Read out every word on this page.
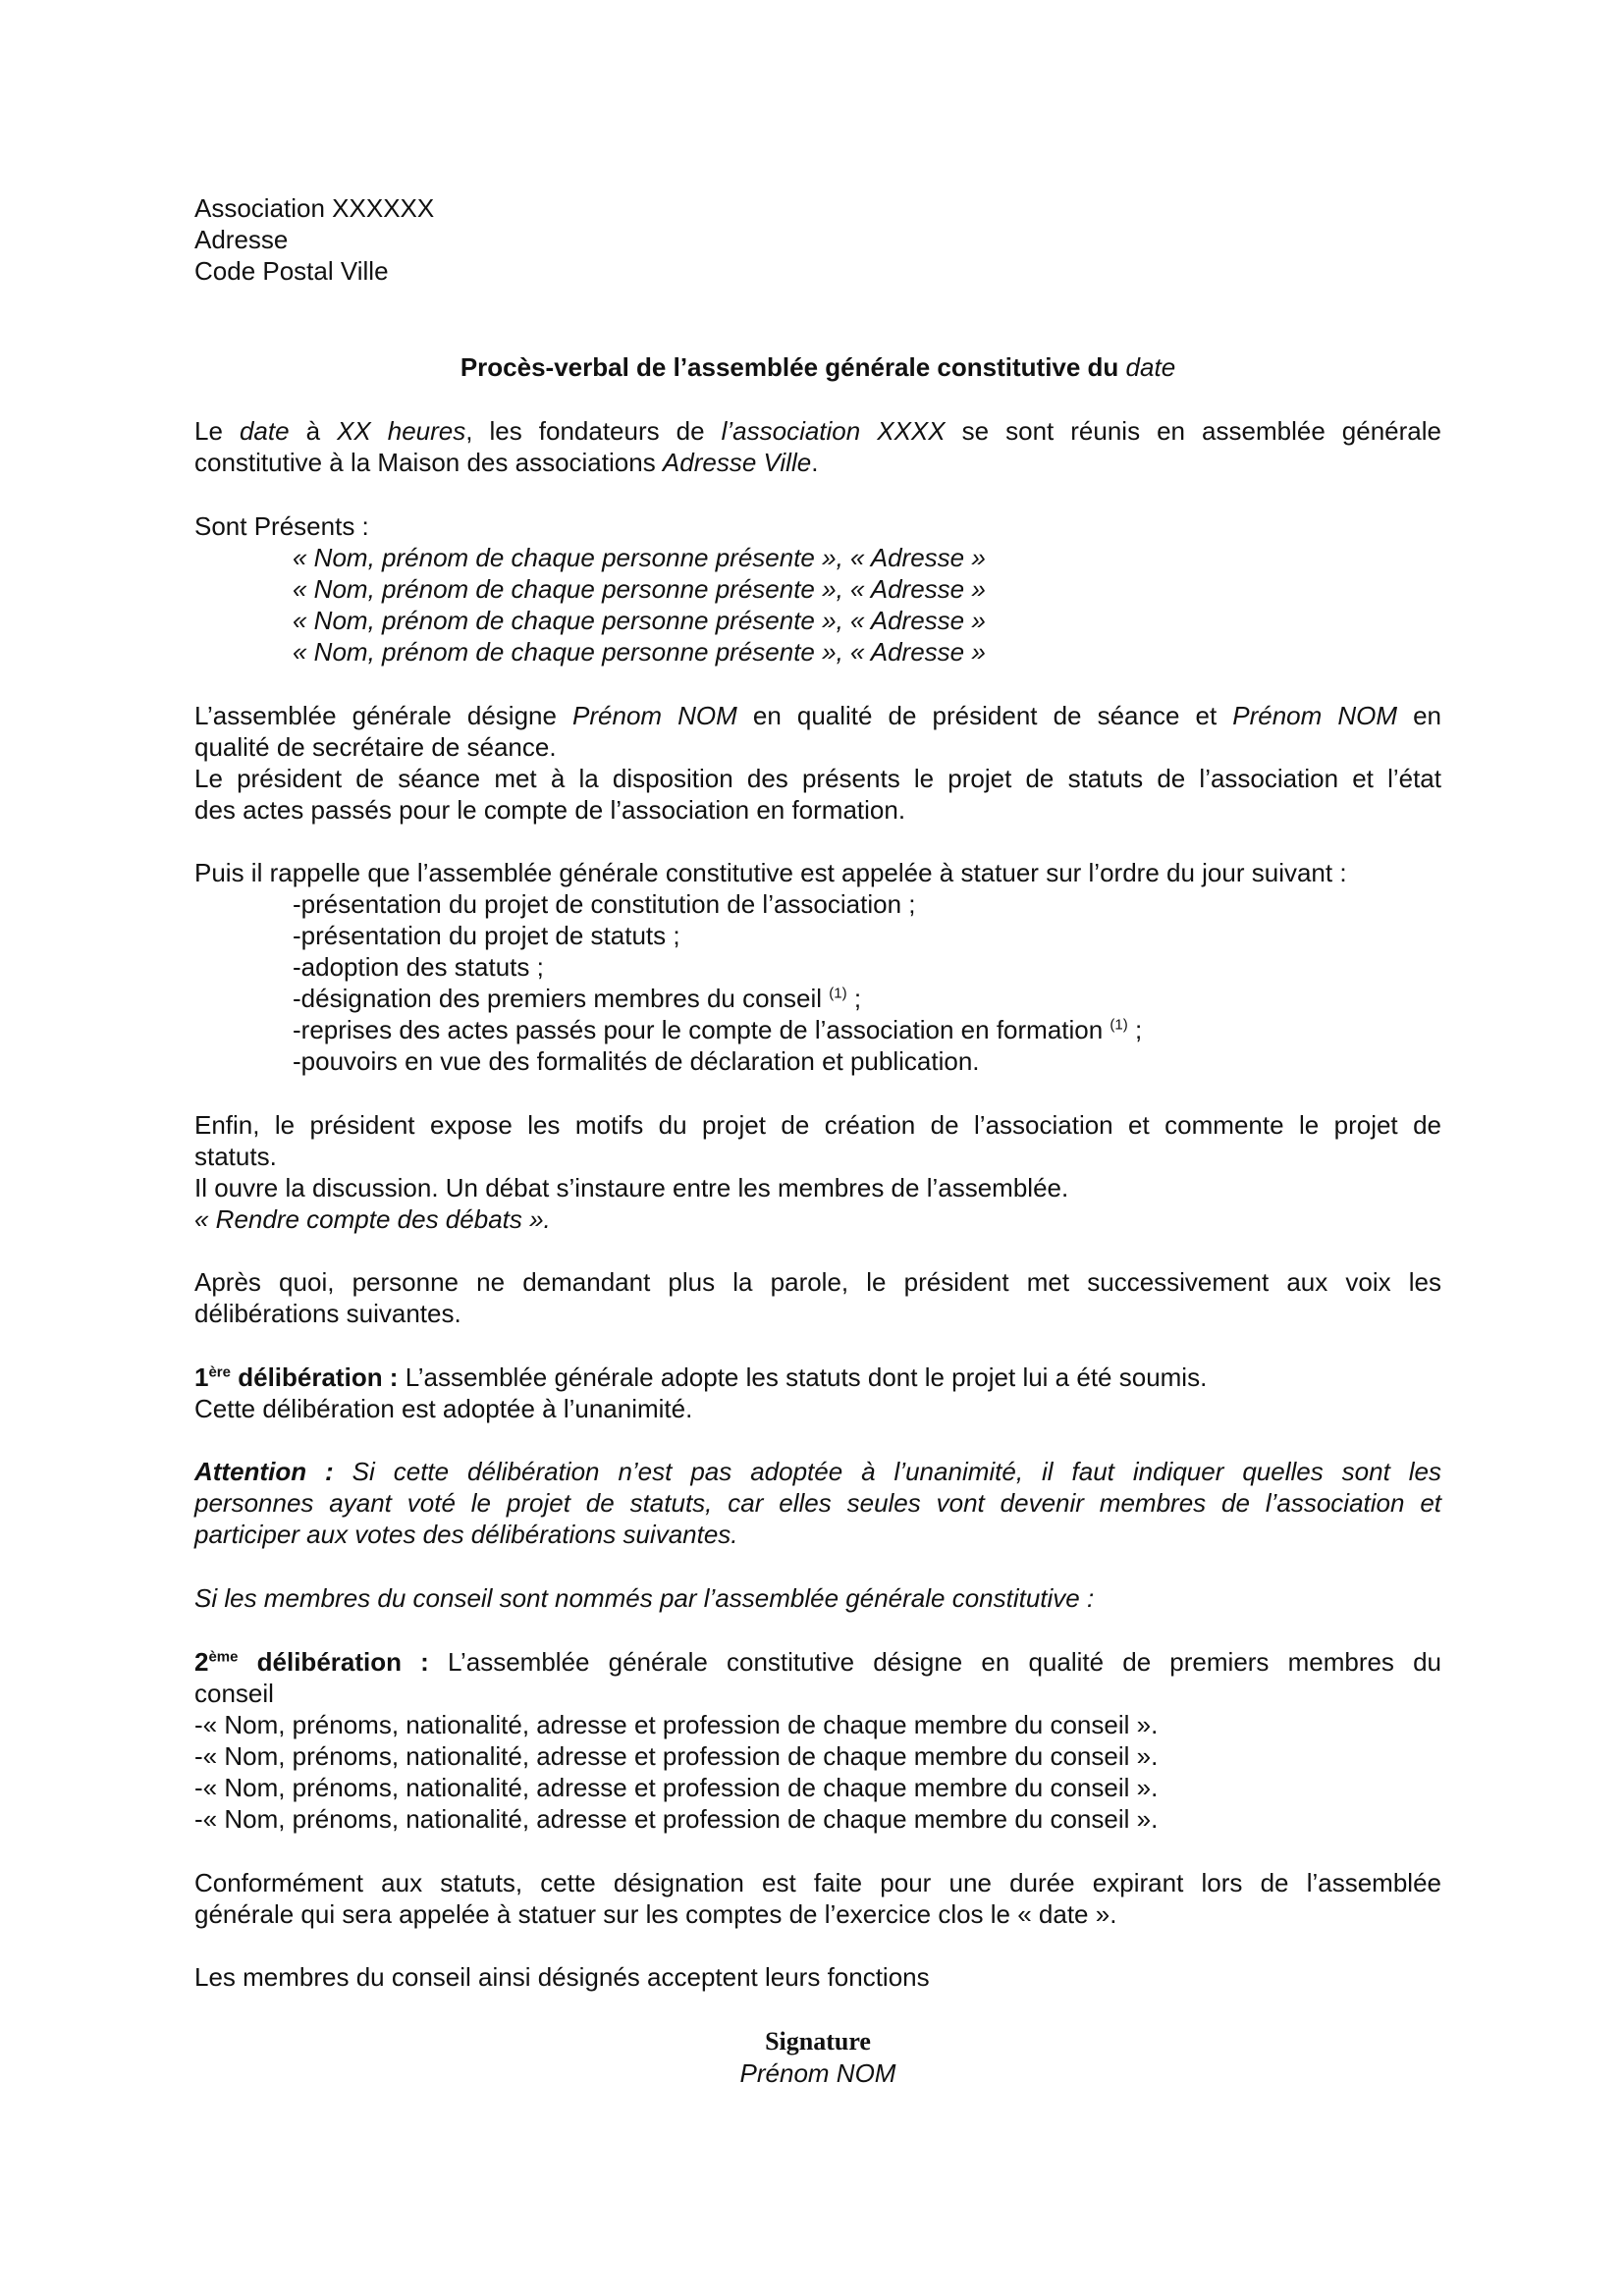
Association XXXXXX
Adresse
Code Postal Ville
Procès-verbal de l’assemblée générale constitutive du date
Le date à XX heures, les fondateurs de l’association XXXX se sont réunis en assemblée générale
constitutive à la Maison des associations Adresse Ville.
Sont Présents :
« Nom, prénom de chaque personne présente », « Adresse »
« Nom, prénom de chaque personne présente », « Adresse »
« Nom, prénom de chaque personne présente », « Adresse »
« Nom, prénom de chaque personne présente », « Adresse »
L’assemblée générale désigne Prénom NOM en qualité de président de séance et Prénom NOM en
qualité de secrétaire de séance.
Le président de séance met à la disposition des présents le projet de statuts de l’association et l’état
des actes passés pour le compte de l’association en formation.
Puis il rappelle que l’assemblée générale constitutive est appelée à statuer sur l’ordre du jour suivant :
-présentation du projet de constitution de l’association ;
-présentation du projet de statuts ;
-adoption des statuts ;
-désignation des premiers membres du conseil $^{(1)}$ ;
-reprises des actes passés pour le compte de l’association en formation $^{(1)}$ ;
-pouvoirs en vue des formalités de déclaration et publication.
Enfin, le président expose les motifs du projet de création de l’association et commente le projet de
statuts.
Il ouvre la discussion. Un débat s’instaure entre les membres de l’assemblée.
« Rendre compte des débats ».
Après quoi, personne ne demandant plus la parole, le président met successivement aux voix les
délibérations suivantes.
1ère délibération : L’assemblée générale adopte les statuts dont le projet lui a été soumis.
Cette délibération est adoptée à l’unanimité.
Attention : Si cette délibération n’est pas adoptée à l’unanimité, il faut indiquer quelles sont les
personnes ayant voté le projet de statuts, car elles seules vont devenir membres de l’association et
participer aux votes des délibérations suivantes.
Si les membres du conseil sont nommés par l’assemblée générale constitutive :
2ème délibération : L’assemblée générale constitutive désigne en qualité de premiers membres du
conseil
-« Nom, prénoms, nationalité, adresse et profession de chaque membre du conseil ».
-« Nom, prénoms, nationalité, adresse et profession de chaque membre du conseil ».
-« Nom, prénoms, nationalité, adresse et profession de chaque membre du conseil ».
-« Nom, prénoms, nationalité, adresse et profession de chaque membre du conseil ».
Conformément aux statuts, cette désignation est faite pour une durée expirant lors de l’assemblée
générale qui sera appelée à statuer sur les comptes de l’exercice clos le « date ».
Les membres du conseil ainsi désignés acceptent leurs fonctions
Signature
Prénom NOM
